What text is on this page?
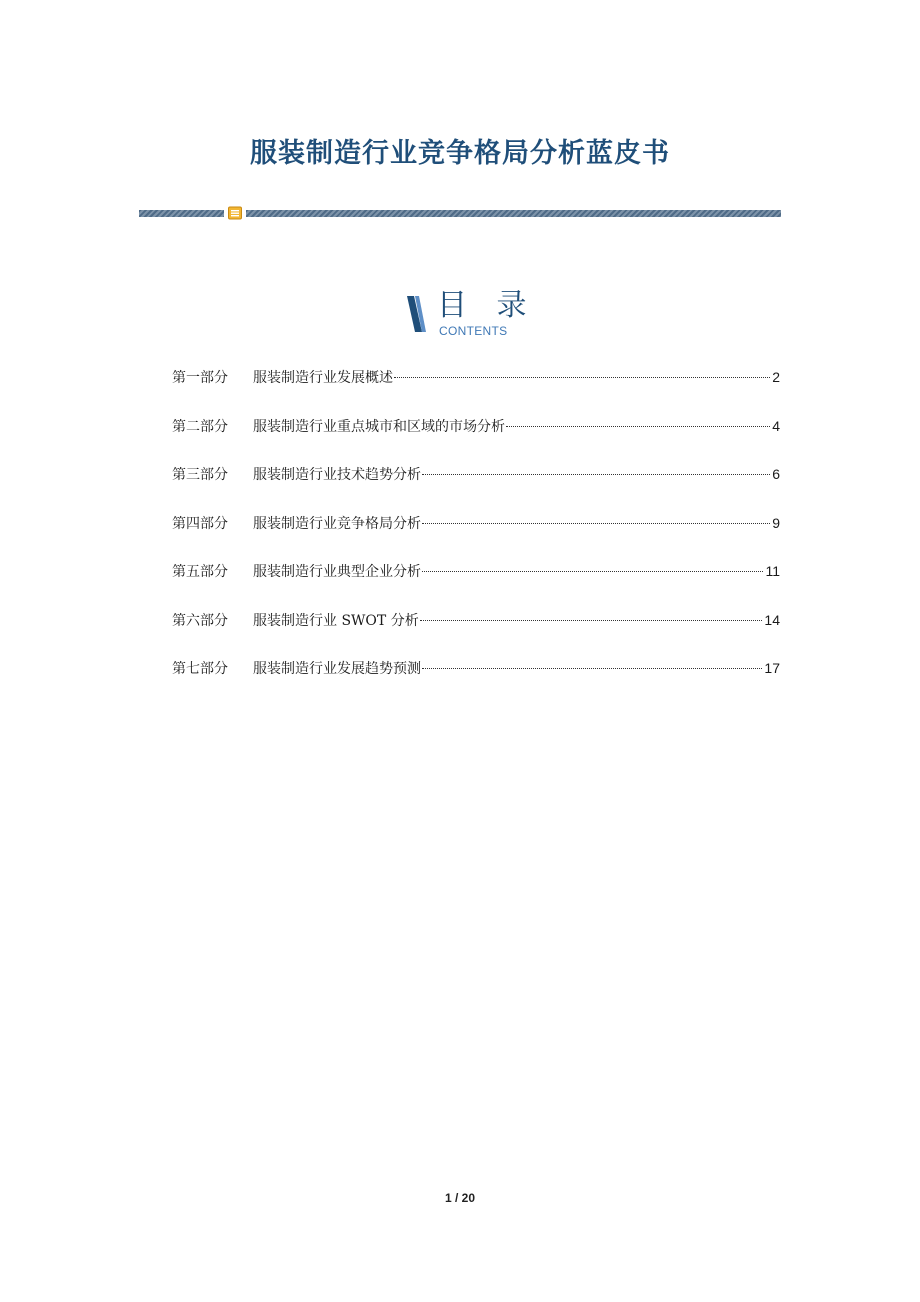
服装制造行业竞争格局分析蓝皮书
目 录
CONTENTS
第一部分	服装制造行业发展概述	2
第二部分	服装制造行业重点城市和区域的市场分析	4
第三部分	服装制造行业技术趋势分析	6
第四部分	服装制造行业竞争格局分析	9
第五部分	服装制造行业典型企业分析	11
第六部分	服装制造行业 SWOT 分析	14
第七部分	服装制造行业发展趋势预测	17
1 / 20
